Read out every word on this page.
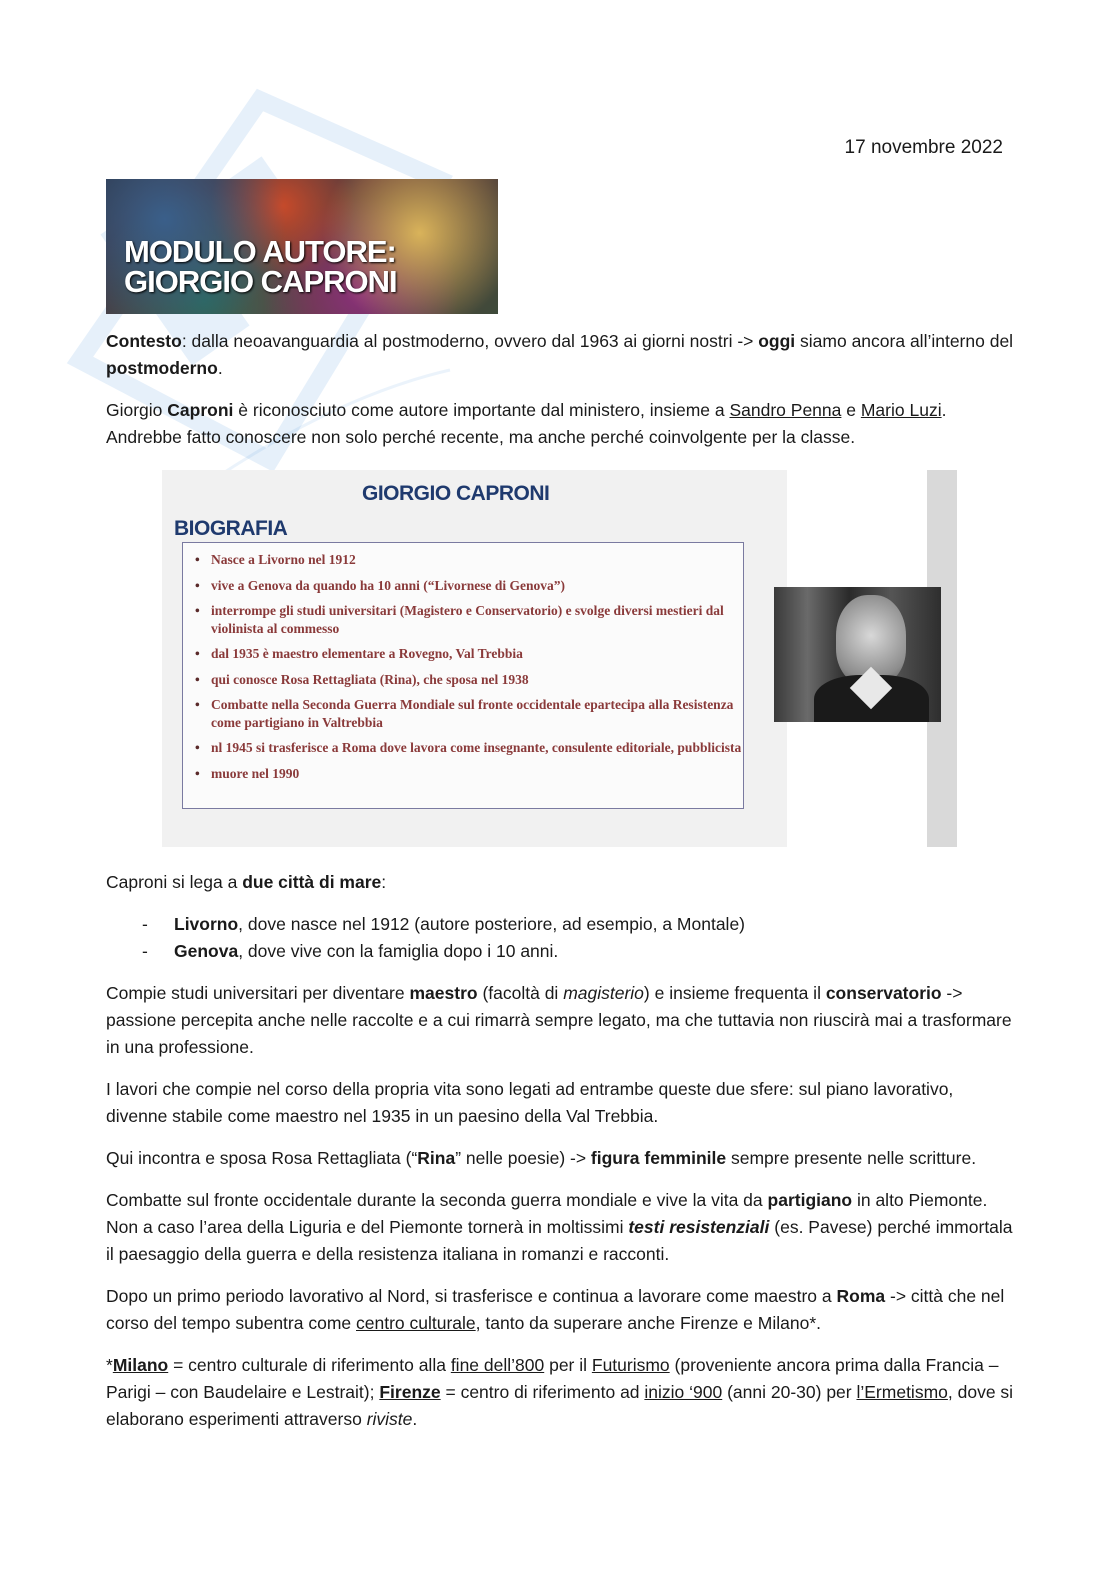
17 novembre 2022
MODULO AUTORE:
GIORGIO CAPRONI

Contesto: dalla neoavanguardia al postmoderno, ovvero dal 1963 ai giorni nostri -> oggi siamo ancora all’interno del postmoderno.

Giorgio Caproni è riconosciuto come autore importante dal ministero, insieme a Sandro Penna e Mario Luzi. Andrebbe fatto conoscere non solo perché recente, ma anche perché coinvolgente per la classe.

GIORGIO CAPRONI
BIOGRAFIA
• Nasce a Livorno nel 1912
• vive a Genova da quando ha 10 anni (“Livornese di Genova”)
• interrompe gli studi universitari (Magistero e Conservatorio) e svolge diversi mestieri dal violinista al commesso
• dal 1935 è maestro elementare a Rovegno, Val Trebbia
• qui conosce Rosa Rettagliata (Rina), che sposa nel 1938
• Combatte nella Seconda Guerra Mondiale sul fronte occidentale epartecipa alla Resistenza come partigiano in Valtrebbia
• nl 1945 si trasferisce a Roma dove lavora come insegnante, consulente editoriale, pubblicista
• muore nel 1990

Caproni si lega a due città di mare:

- Livorno, dove nasce nel 1912 (autore posteriore, ad esempio, a Montale)
- Genova, dove vive con la famiglia dopo i 10 anni.

Compie studi universitari per diventare maestro (facoltà di magisterio) e insieme frequenta il conservatorio -> passione percepita anche nelle raccolte e a cui rimarrà sempre legato, ma che tuttavia non riuscirà mai a trasformare in una professione.

I lavori che compie nel corso della propria vita sono legati ad entrambe queste due sfere: sul piano lavorativo, divenne stabile come maestro nel 1935 in un paesino della Val Trebbia.

Qui incontra e sposa Rosa Rettagliata (“Rina” nelle poesie) -> figura femminile sempre presente nelle scritture.

Combatte sul fronte occidentale durante la seconda guerra mondiale e vive la vita da partigiano in alto Piemonte. Non a caso l’area della Liguria e del Piemonte tornerà in moltissimi testi resistenziali (es. Pavese) perché immortala il paesaggio della guerra e della resistenza italiana in romanzi e racconti.

Dopo un primo periodo lavorativo al Nord, si trasferisce e continua a lavorare come maestro a Roma -> città che nel corso del tempo subentra come centro culturale, tanto da superare anche Firenze e Milano*.

*Milano = centro culturale di riferimento alla fine dell’800 per il Futurismo (proveniente ancora prima dalla Francia – Parigi – con Baudelaire e Lestrait); Firenze = centro di riferimento ad inizio ‘900 (anni 20-30) per l’Ermetismo, dove si elaborano esperimenti attraverso riviste.
